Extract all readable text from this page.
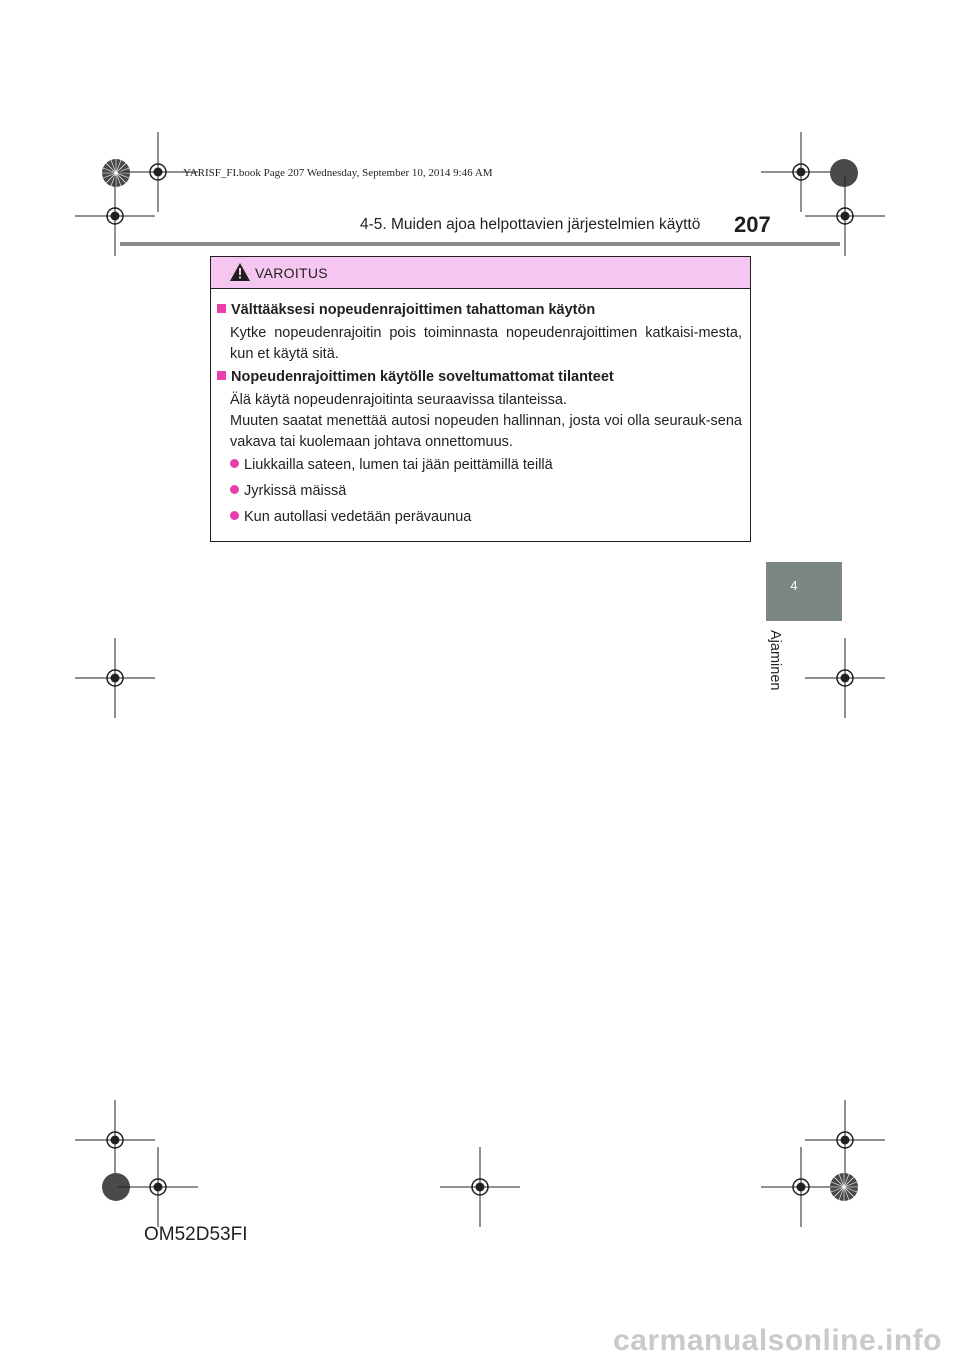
YARISF_FI.book Page 207 Wednesday, September 10, 2014 9:46 AM
4-5. Muiden ajoa helpottavien järjestelmien käyttö 207
4
Ajaminen
VAROITUS
Välttääksesi nopeudenrajoittimen tahattoman käytön
Kytke nopeudenrajoitin pois toiminnasta nopeudenrajoittimen katkaisi-mesta, kun et käytä sitä.
Nopeudenrajoittimen käytölle soveltumattomat tilanteet
Älä käytä nopeudenrajoitinta seuraavissa tilanteissa.
Muuten saatat menettää autosi nopeuden hallinnan, josta voi olla seurauk-sena vakava tai kuolemaan johtava onnettomuus.
Liukkailla sateen, lumen tai jään peittämillä teillä
Jyrkissä mäissä
Kun autollasi vedetään perävaunua
OM52D53FI
carmanualsonline.info
